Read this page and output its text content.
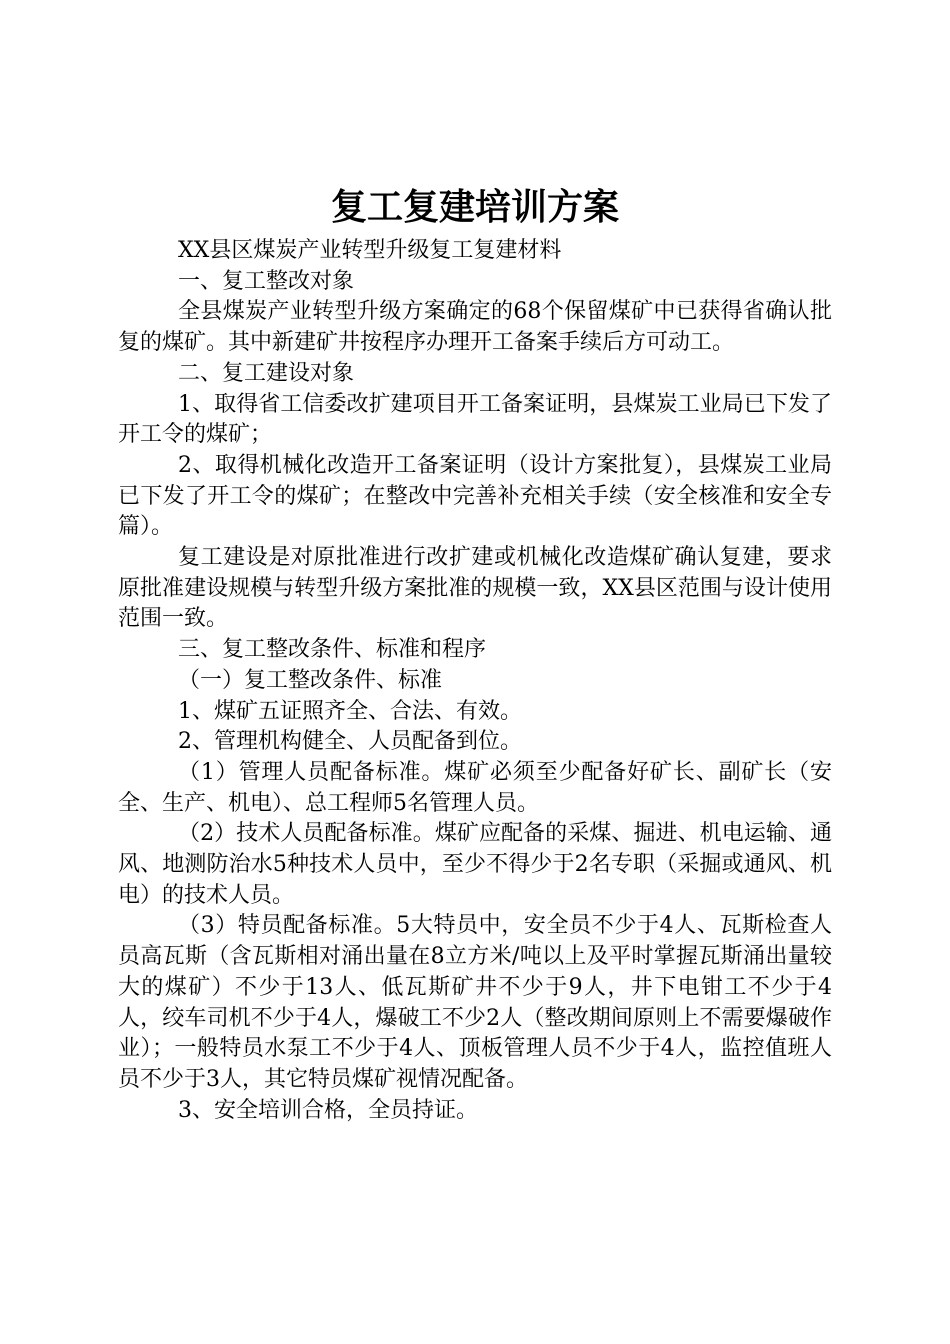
复工复建培训方案

XX县区煤炭产业转型升级复工复建材料

一、复工整改对象

全县煤炭产业转型升级方案确定的68个保留煤矿中已获得省确认批复的煤矿。其中新建矿井按程序办理开工备案手续后方可动工。

二、复工建设对象

1、取得省工信委改扩建项目开工备案证明，县煤炭工业局已下发了开工令的煤矿；

2、取得机械化改造开工备案证明（设计方案批复），县煤炭工业局已下发了开工令的煤矿；在整改中完善补充相关手续（安全核准和安全专篇）。

复工建设是对原批准进行改扩建或机械化改造煤矿确认复建，要求原批准建设规模与转型升级方案批准的规模一致，XX县区范围与设计使用范围一致。

三、复工整改条件、标准和程序

（一）复工整改条件、标准

1、煤矿五证照齐全、合法、有效。

2、管理机构健全、人员配备到位。

（1）管理人员配备标准。煤矿必须至少配备好矿长、副矿长（安全、生产、机电）、总工程师5名管理人员。

（2）技术人员配备标准。煤矿应配备的采煤、掘进、机电运输、通风、地测防治水5种技术人员中，至少不得少于2名专职（采掘或通风、机电）的技术人员。

（3）特员配备标准。5大特员中，安全员不少于4人、瓦斯检查人员高瓦斯（含瓦斯相对涌出量在8立方米/吨以上及平时掌握瓦斯涌出量较大的煤矿）不少于13人、低瓦斯矿井不少于9人，井下电钳工不少于4人，绞车司机不少于4人，爆破工不少2人（整改期间原则上不需要爆破作业）；一般特员水泵工不少于4人、顶板管理人员不少于4人，监控值班人员不少于3人，其它特员煤矿视情况配备。

3、安全培训合格，全员持证。
